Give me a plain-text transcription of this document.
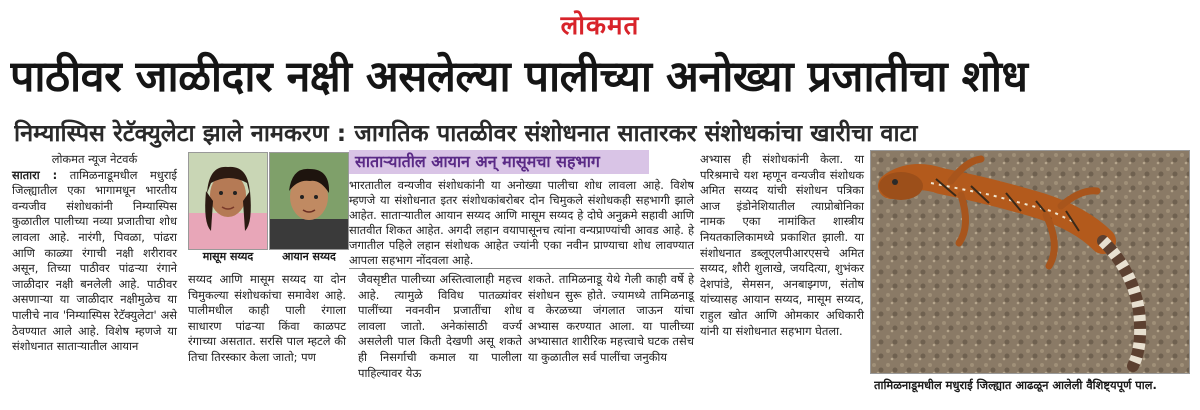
लोकमत
पाठीवर जाळीदार नक्षी असलेल्या पालीच्या अनोख्या प्रजातीचा शोध
निम्यास्पिस रेटॅक्युलेटा झाले नामकरण : जागतिक पातळीवर संशोधनात सातारकर संशोधकांचा खारीचा वाटा
लोकमत न्यूज नेटवर्क

सातारा : तामिळनाडूमधील मधुराई जिल्ह्यातील एका भागामधून भारतीय वन्यजीव संशोधकांनी निम्यास्पिस कुळातील पालीच्या नव्या प्रजातीचा शोध लावला आहे. नारंगी, पिवळा, पांढरा आणि काळ्या रंगाची नक्षी शरीरावर असून, तिच्या पाठीवर पांढऱ्या रंगाने जाळीदार नक्षी बनलेली आहे. पाठीवर असणाऱ्या या जाळीदार नक्षीमुळेच या पालीचे नाव 'निम्यास्पिस रेटॅक्युलेटा' असे ठेवण्यात आले आहे. विशेष म्हणजे या संशोधनात साताऱ्यातील आयान

मासूम सय्यद	आयान सय्यद
साताऱ्यातील आयान अन् मासूमचा सहभाग
भारतातील वन्यजीव संशोधकांनी या अनोख्या पालीचा शोध लावला आहे. विशेष म्हणजे या संशोधनात इतर संशोधकांबरोबर दोन चिमुकले संशोधकही सहभागी झाले आहेत. साताऱ्यातील आयान सय्यद आणि मासूम सय्यद हे दोघे अनुक्रमे सहावी आणि सातवीत शिकत आहेत. अगदी लहान वयापासूनच त्यांना वन्यप्राण्यांची आवड आहे. हे जगातील पहिले लहान संशोधक आहेत ज्यांनी एका नवीन प्राण्याचा शोध लावण्यात आपला सहभाग नोंदवला आहे.
सय्यद आणि मासूम सय्यद या दोन चिमुकल्या संशोधकांचा समावेश आहे. पालीमधील काही पाली रंगाला साधारण पांढऱ्या किंवा काळपट रंगाच्या असतात. सरसि पाल म्हटले की तिचा तिरस्कार केला जातो; पण
जैवसृष्टीत पालीच्या अस्तित्वालाही महत्त्व आहे. त्यामुळे विविध पातळ्यांवर पालींच्या नवनवीन प्रजातींचा शोध लावला जातो. अनेकांसाठी वर्ज्य असलेली पाल किती देखणी असू शकते ही निसर्गाची कमाल या पालीला पाहिल्यावर येऊ
शकते. तामिळनाडू येथे गेली काही वर्षे हे संशोधन सुरू होते. ज्यामध्ये तामिळनाडू व केरळच्या जंगलात जाऊन यांचा अभ्यास करण्यात आला. या पालीच्या अभ्यासात शारीरिक महत्त्वाचे घटक तसेच या कुळातील सर्व पालींचा जनुकीय
अभ्यास ही संशोधकांनी केला. या परिश्रमाचे यश म्हणून वन्यजीव संशोधक अमित सय्यद यांची संशोधन पत्रिका आज इंडोनेशियातील त्याप्रोबोनिका नामक एका नामांकित शास्त्रीय नियतकालिकामध्ये प्रकाशित झाली. या संशोधनात डब्लूएलपीआरएसचे अमित सय्यद, शौरी शुलाखे, जयदित्या, शुभंकर देशपांडे, सेमसन, अनबाझ्गण, संतोष यांच्यासह आयान सय्यद, मासूम सय्यद, राहुल खोत आणि ओमकार अधिकारी यांनी या संशोधनात सहभाग घेतला.
तामिळनाडूमधील मधुराई जिल्ह्यात आढळून आलेली वैशिष्ट्यपूर्ण पाल.
